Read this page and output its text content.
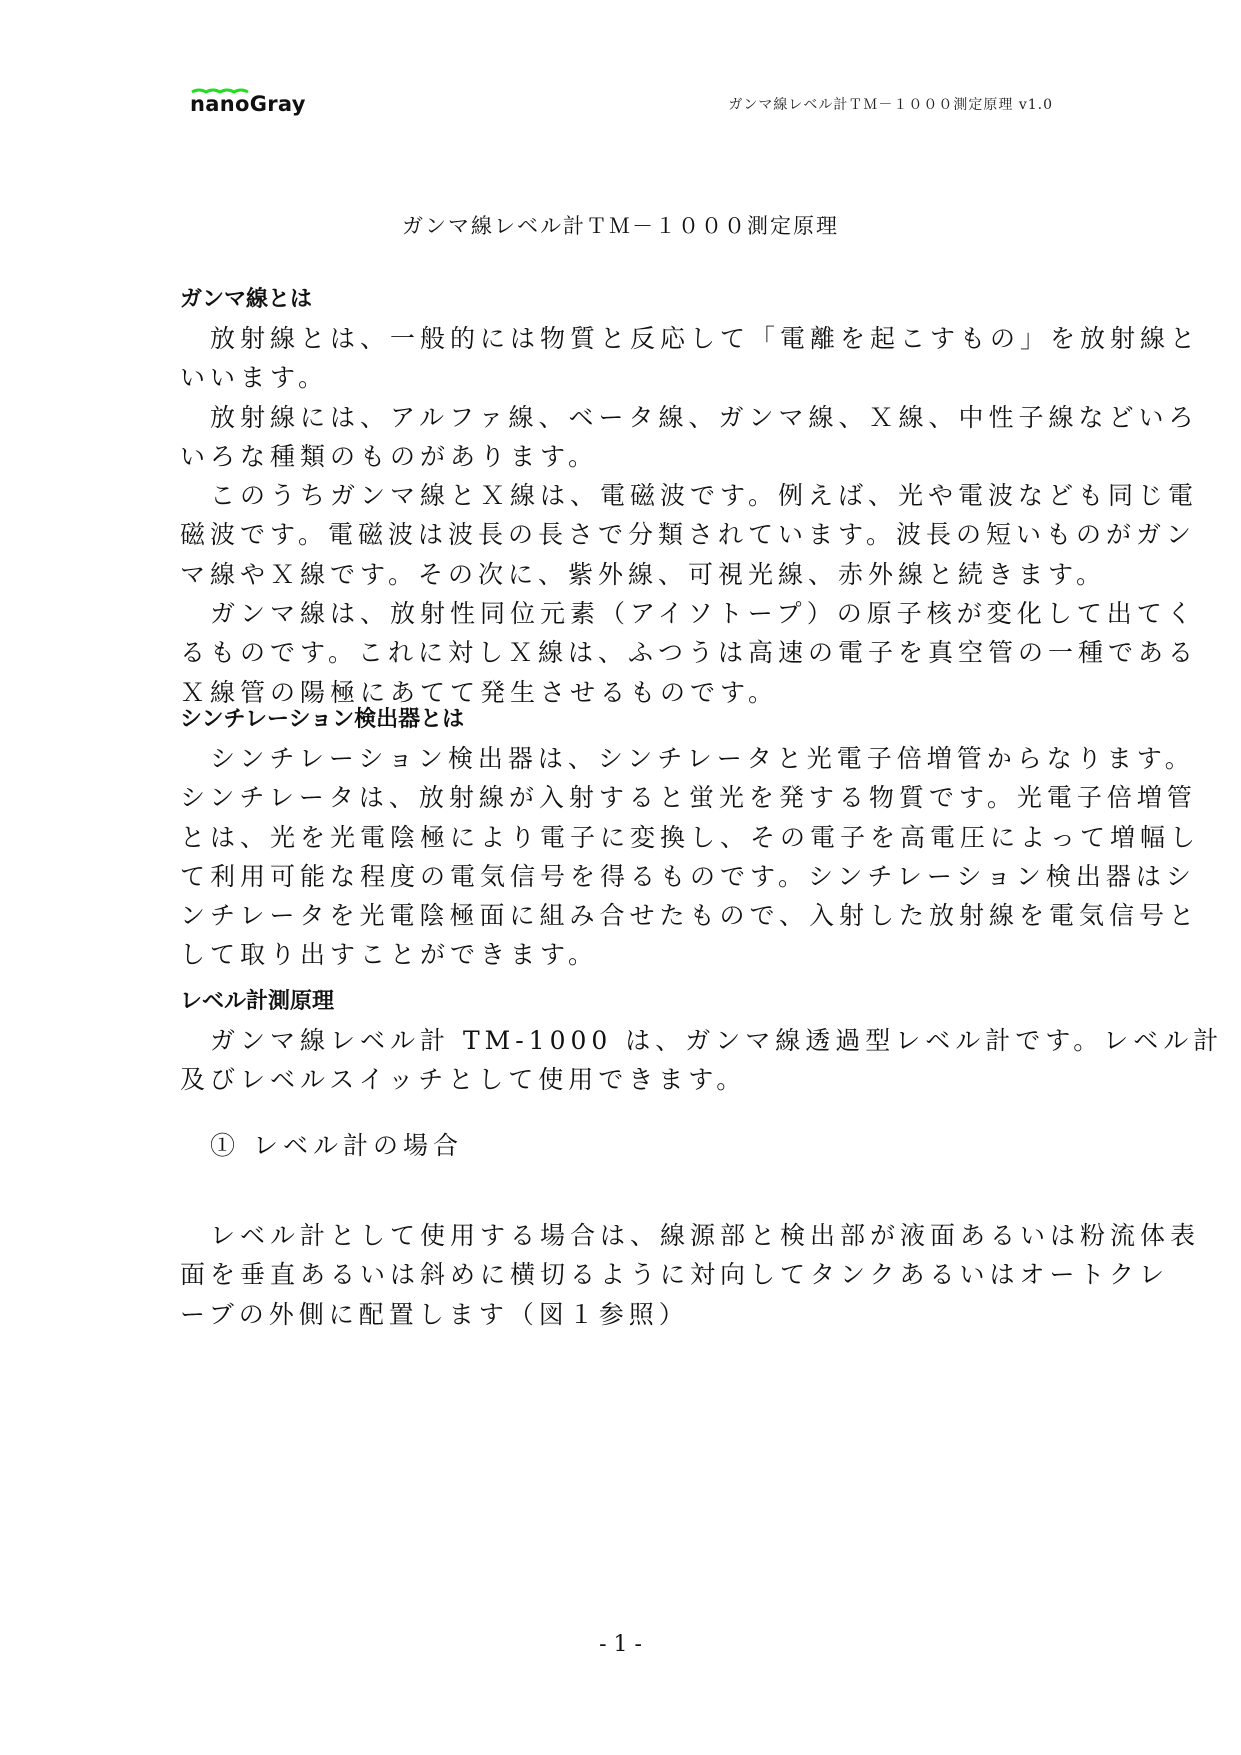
nanoGray	ガンマ線レベル計ＴＭ－１０００測定原理 v1.0
ガンマ線レベル計ＴＭ－１０００測定原理
ガンマ線とは
　放射線とは、一般的には物質と反応して「電離を起こすもの」を放射線と
いいます。
　放射線には、アルファ線、ベータ線、ガンマ線、Ｘ線、中性子線などいろ
いろな種類のものがあります。
　このうちガンマ線とＸ線は、電磁波です。例えば、光や電波なども同じ電
磁波です。電磁波は波長の長さで分類されています。波長の短いものがガン
マ線やＸ線です。その次に、紫外線、可視光線、赤外線と続きます。
　ガンマ線は、放射性同位元素（アイソトープ）の原子核が変化して出てく
るものです。これに対しＸ線は、ふつうは高速の電子を真空管の一種である
Ｘ線管の陽極にあてて発生させるものです。
シンチレーション検出器とは
　シンチレーション検出器は、シンチレータと光電子倍増管からなります。
シンチレータは、放射線が入射すると蛍光を発する物質です。光電子倍増管
とは、光を光電陰極により電子に変換し、その電子を高電圧によって増幅し
て利用可能な程度の電気信号を得るものです。シンチレーション検出器はシ
ンチレータを光電陰極面に組み合せたもので、入射した放射線を電気信号と
して取り出すことができます。
レベル計測原理
　ガンマ線レベル計 TM-1000 は、ガンマ線透過型レベル計です。レベル計
及びレベルスイッチとして使用できます。
　① レベル計の場合
　レベル計として使用する場合は、線源部と検出部が液面あるいは粉流体表
面を垂直あるいは斜めに横切るように対向してタンクあるいはオートクレ
ーブの外側に配置します（図１参照）
- 1 -
